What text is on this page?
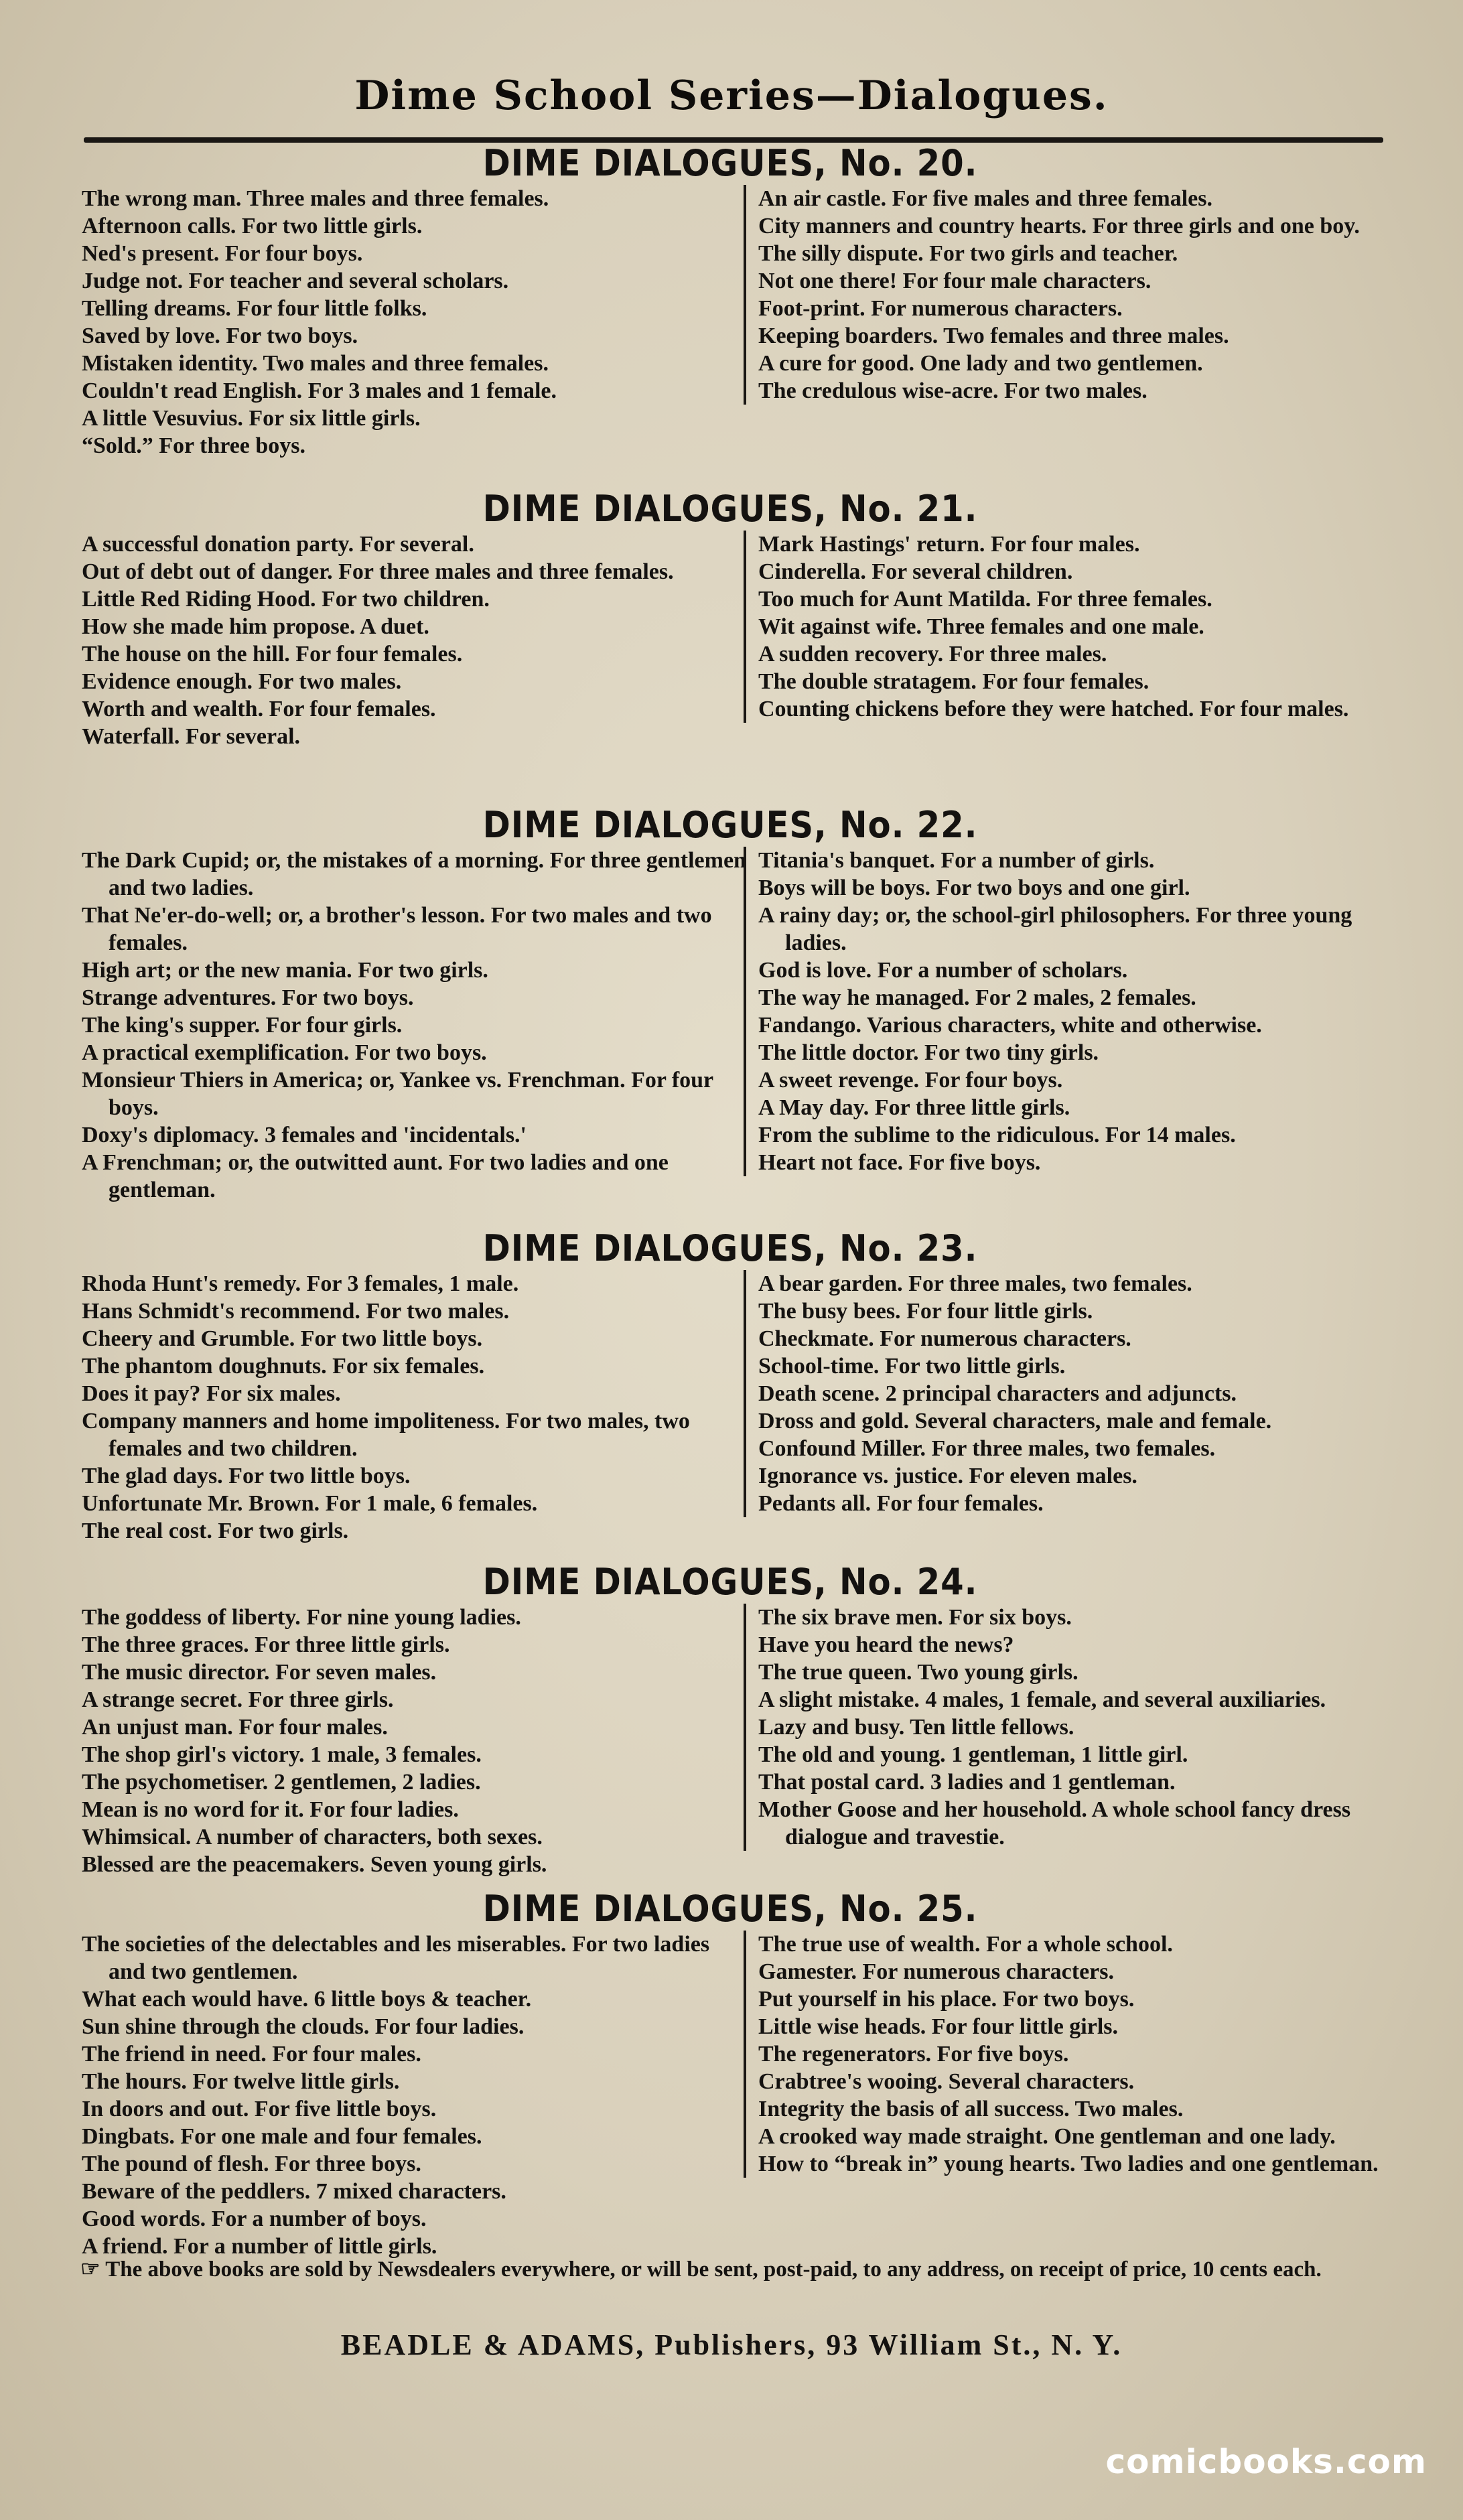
Dime School Series—Dialogues.
DIME DIALOGUES, No. 20.
The wrong man. Three males and three females.
Afternoon calls. For two little girls.
Ned's present. For four boys.
Judge not. For teacher and several scholars.
Telling dreams. For four little folks.
Saved by love. For two boys.
Mistaken identity. Two males and three females.
Couldn't read English. For 3 males and 1 female.
A little Vesuvius. For six little girls.
“Sold.” For three boys.
An air castle. For five males and three females.
City manners and country hearts. For three girls and one boy.
The silly dispute. For two girls and teacher.
Not one there! For four male characters.
Foot-print. For numerous characters.
Keeping boarders. Two females and three males.
A cure for good. One lady and two gentlemen.
The credulous wise-acre. For two males.
DIME DIALOGUES, No. 21.
A successful donation party. For several.
Out of debt out of danger. For three males and three females.
Little Red Riding Hood. For two children.
How she made him propose. A duet.
The house on the hill. For four females.
Evidence enough. For two males.
Worth and wealth. For four females.
Waterfall. For several.
Mark Hastings' return. For four males.
Cinderella. For several children.
Too much for Aunt Matilda. For three females.
Wit against wife. Three females and one male.
A sudden recovery. For three males.
The double stratagem. For four females.
Counting chickens before they were hatched. For four males.
DIME DIALOGUES, No. 22.
The Dark Cupid; or, the mistakes of a morning. For three gentlemen and two ladies.
That Ne'er-do-well; or, a brother's lesson. For two males and two females.
High art; or the new mania. For two girls.
Strange adventures. For two boys.
The king's supper. For four girls.
A practical exemplification. For two boys.
Monsieur Thiers in America; or, Yankee vs. Frenchman. For four boys.
Doxy's diplomacy. 3 females and 'incidentals.'
A Frenchman; or, the outwitted aunt. For two ladies and one gentleman.
Titania's banquet. For a number of girls.
Boys will be boys. For two boys and one girl.
A rainy day; or, the school-girl philosophers. For three young ladies.
God is love. For a number of scholars.
The way he managed. For 2 males, 2 females.
Fandango. Various characters, white and otherwise.
The little doctor. For two tiny girls.
A sweet revenge. For four boys.
A May day. For three little girls.
From the sublime to the ridiculous. For 14 males.
Heart not face. For five boys.
DIME DIALOGUES, No. 23.
Rhoda Hunt's remedy. For 3 females, 1 male.
Hans Schmidt's recommend. For two males.
Cheery and Grumble. For two little boys.
The phantom doughnuts. For six females.
Does it pay? For six males.
Company manners and home impoliteness. For two males, two females and two children.
The glad days. For two little boys.
Unfortunate Mr. Brown. For 1 male, 6 females.
The real cost. For two girls.
A bear garden. For three males, two females.
The busy bees. For four little girls.
Checkmate. For numerous characters.
School-time. For two little girls.
Death scene. 2 principal characters and adjuncts.
Dross and gold. Several characters, male and female.
Confound Miller. For three males, two females.
Ignorance vs. justice. For eleven males.
Pedants all. For four females.
DIME DIALOGUES, No. 24.
The goddess of liberty. For nine young ladies.
The three graces. For three little girls.
The music director. For seven males.
A strange secret. For three girls.
An unjust man. For four males.
The shop girl's victory. 1 male, 3 females.
The psychometiser. 2 gentlemen, 2 ladies.
Mean is no word for it. For four ladies.
Whimsical. A number of characters, both sexes.
Blessed are the peacemakers. Seven young girls.
The six brave men. For six boys.
Have you heard the news?
The true queen. Two young girls.
A slight mistake. 4 males, 1 female, and several auxiliaries.
Lazy and busy. Ten little fellows.
The old and young. 1 gentleman, 1 little girl.
That postal card. 3 ladies and 1 gentleman.
Mother Goose and her household. A whole school fancy dress dialogue and travestie.
DIME DIALOGUES, No. 25.
The societies of the delectables and les miserables. For two ladies and two gentlemen.
What each would have. 6 little boys & teacher.
Sun shine through the clouds. For four ladies.
The friend in need. For four males.
The hours. For twelve little girls.
In doors and out. For five little boys.
Dingbats. For one male and four females.
The pound of flesh. For three boys.
Beware of the peddlers. 7 mixed characters.
Good words. For a number of boys.
A friend. For a number of little girls.
The true use of wealth. For a whole school.
Gamester. For numerous characters.
Put yourself in his place. For two boys.
Little wise heads. For four little girls.
The regenerators. For five boys.
Crabtree's wooing. Several characters.
Integrity the basis of all success. Two males.
A crooked way made straight. One gentleman and one lady.
How to “break in” young hearts. Two ladies and one gentleman.
☞ The above books are sold by Newsdealers everywhere, or will be sent, post-paid, to any address, on receipt of price, 10 cents each.
BEADLE & ADAMS, Publishers, 93 William St., N. Y.
comicbooks.com
